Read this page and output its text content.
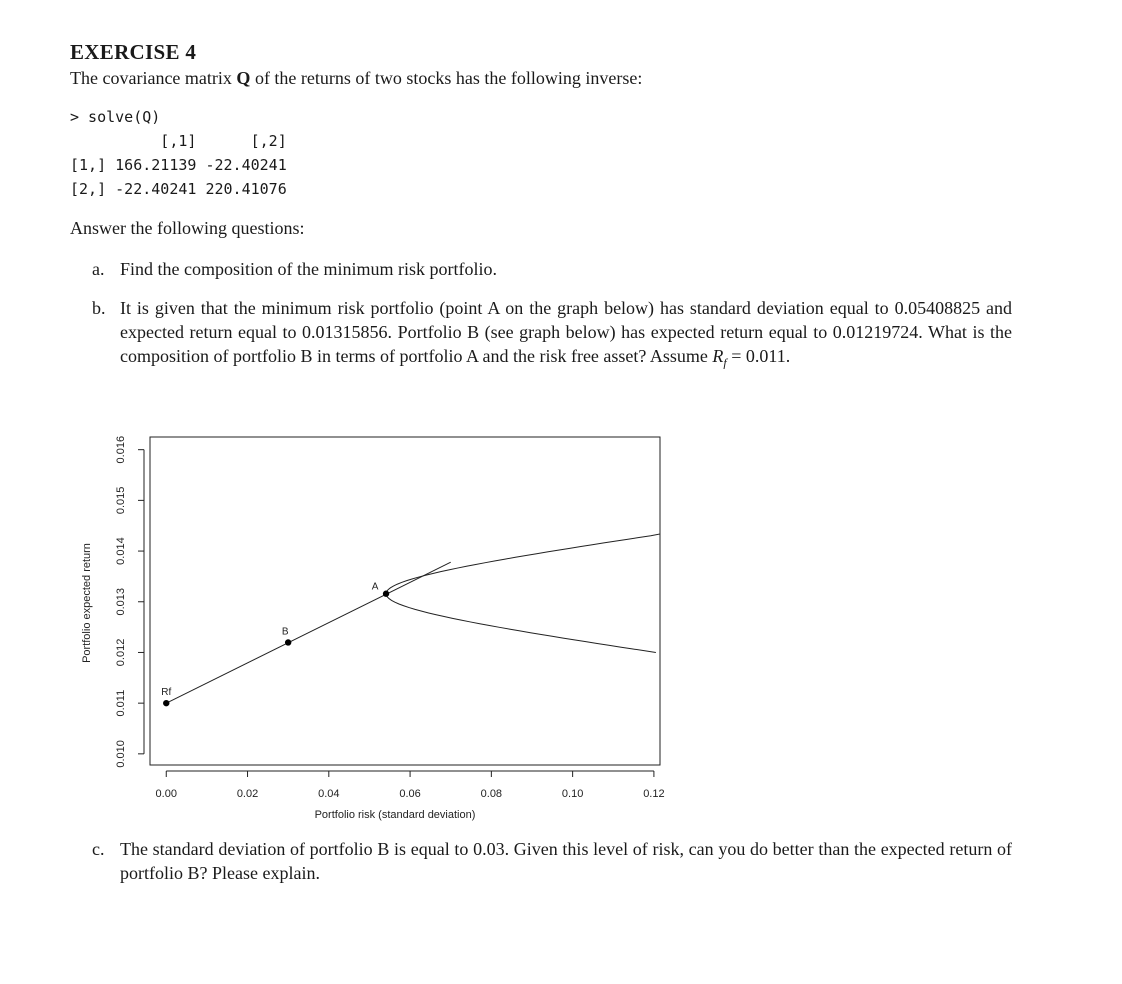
EXERCISE 4
The covariance matrix Q of the returns of two stocks has the following inverse:
> solve(Q)
[,1]      [,2]
[1,] 166.21139 -22.40241
[2,] -22.40241 220.41076
Answer the following questions:
a. Find the composition of the minimum risk portfolio.
b. It is given that the minimum risk portfolio (point A on the graph below) has standard deviation equal to 0.05408825 and expected return equal to 0.01315856. Portfolio B (see graph below) has expected return equal to 0.01219724. What is the composition of portfolio B in terms of portfolio A and the risk free asset? Assume $R_f = 0.011$.
0.00	0.02	0.04	0.06	0.08	0.10	0.12
0.010
0.011
0.012
0.013
0.014
0.015
0.016
Portfolio risk (standard deviation)
Portfolio expected return
Rf
B
A
c. The standard deviation of portfolio B is equal to 0.03. Given this level of risk, can you do better than the expected return of portfolio B? Please explain.
